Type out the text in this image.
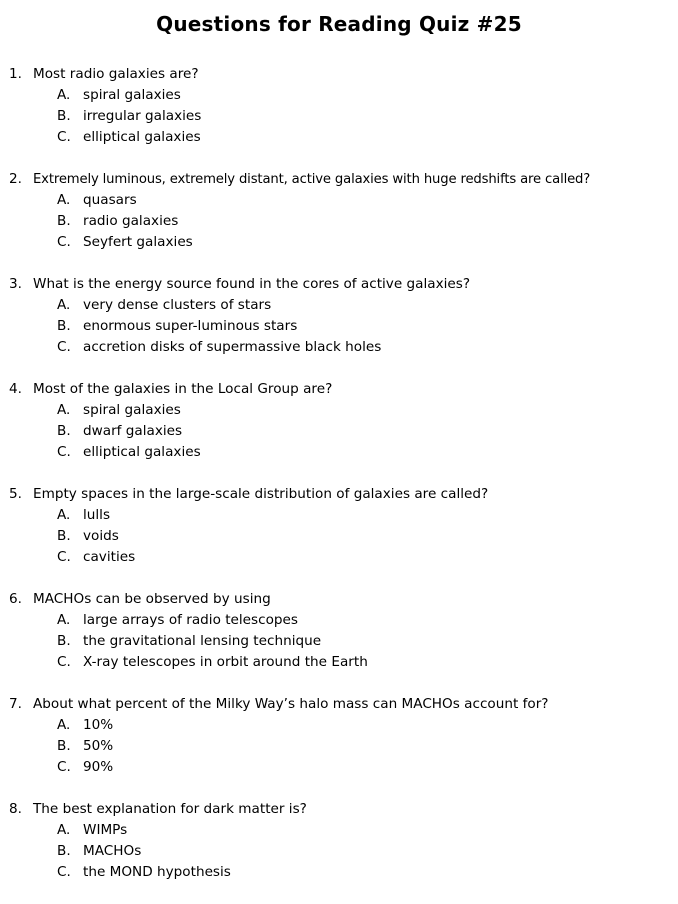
Questions for Reading Quiz #25
1. Most radio galaxies are?
A. spiral galaxies
B. irregular galaxies
C. elliptical galaxies
2. Extremely luminous, extremely distant, active galaxies with huge redshifts are called?
A. quasars
B. radio galaxies
C. Seyfert galaxies
3. What is the energy source found in the cores of active galaxies?
A. very dense clusters of stars
B. enormous super-luminous stars
C. accretion disks of supermassive black holes
4. Most of the galaxies in the Local Group are?
A. spiral galaxies
B. dwarf galaxies
C. elliptical galaxies
5. Empty spaces in the large-scale distribution of galaxies are called?
A. lulls
B. voids
C. cavities
6. MACHOs can be observed by using
A. large arrays of radio telescopes
B. the gravitational lensing technique
C. X-ray telescopes in orbit around the Earth
7. About what percent of the Milky Way’s halo mass can MACHOs account for?
A. 10%
B. 50%
C. 90%
8. The best explanation for dark matter is?
A. WIMPs
B. MACHOs
C. the MOND hypothesis
